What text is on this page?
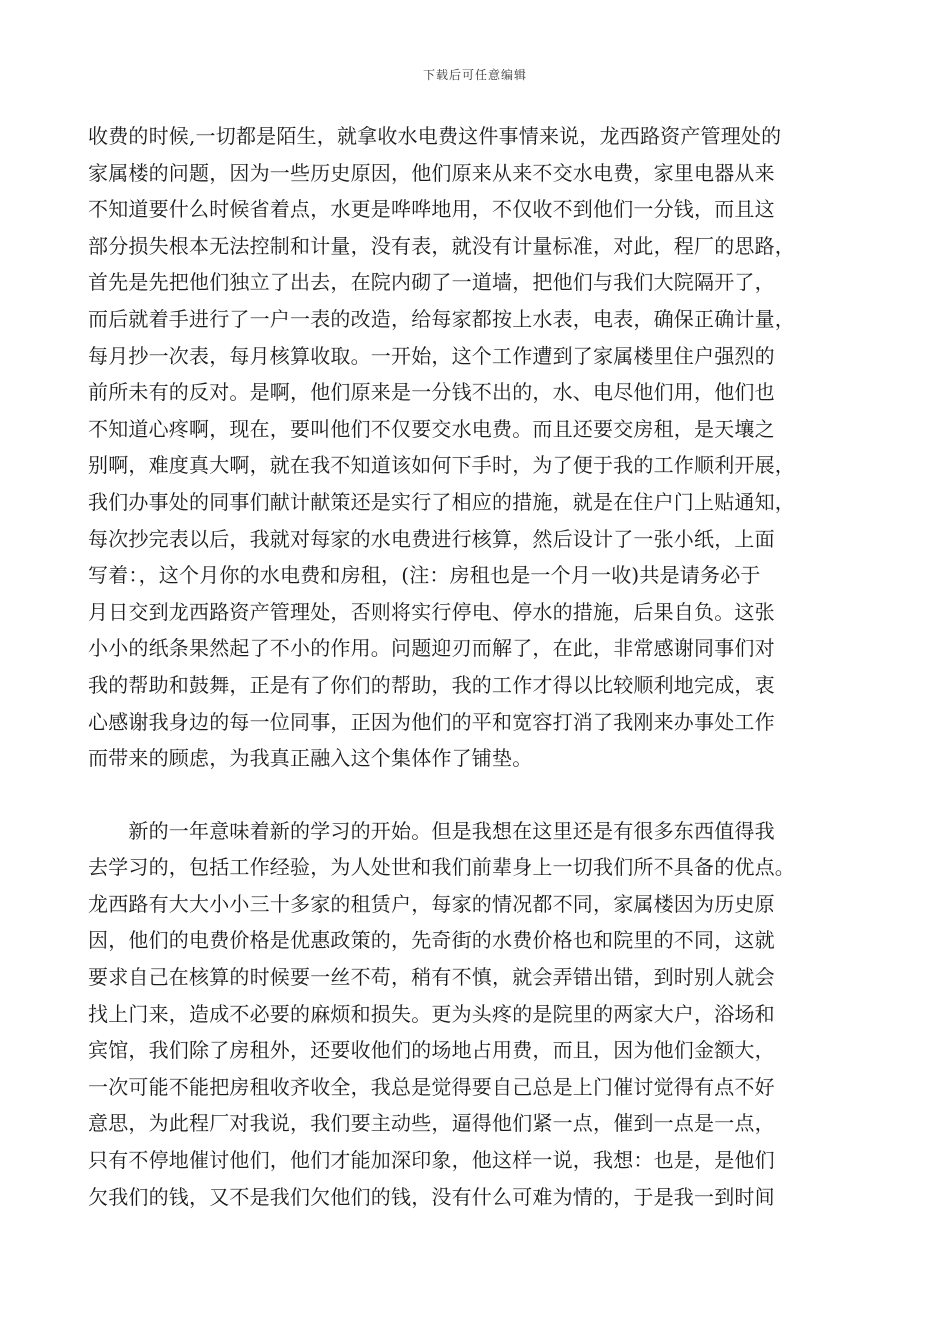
下载后可任意编辑

收费的时候,一切都是陌生，就拿收水电费这件事情来说，龙西路资产管理处的
家属楼的问题，因为一些历史原因，他们原来从来不交水电费，家里电器从来
不知道要什么时候省着点，水更是哗哗地用，不仅收不到他们一分钱，而且这
部分损失根本无法控制和计量，没有表，就没有计量标准，对此，程厂的思路，
首先是先把他们独立了出去，在院内砌了一道墙，把他们与我们大院隔开了，
而后就着手进行了一户一表的改造，给每家都按上水表，电表，确保正确计量，
每月抄一次表，每月核算收取。一开始，这个工作遭到了家属楼里住户强烈的
前所未有的反对。是啊，他们原来是一分钱不出的，水、电尽他们用，他们也
不知道心疼啊，现在，要叫他们不仅要交水电费。而且还要交房租，是天壤之
别啊，难度真大啊，就在我不知道该如何下手时，为了便于我的工作顺利开展，
我们办事处的同事们献计献策还是实行了相应的措施，就是在住户门上贴通知，
每次抄完表以后，我就对每家的水电费进行核算，然后设计了一张小纸，上面
写着：，这个月你的水电费和房租，(注：房租也是一个月一收)共是请务必于
月日交到龙西路资产管理处，否则将实行停电、停水的措施，后果自负。这张
小小的纸条果然起了不小的作用。问题迎刃而解了，在此，非常感谢同事们对
我的帮助和鼓舞，正是有了你们的帮助，我的工作才得以比较顺利地完成，衷
心感谢我身边的每一位同事，正因为他们的平和宽容打消了我刚来办事处工作
而带来的顾虑，为我真正融入这个集体作了铺垫。

　　新的一年意味着新的学习的开始。但是我想在这里还是有很多东西值得我
去学习的，包括工作经验，为人处世和我们前辈身上一切我们所不具备的优点。
龙西路有大大小小三十多家的租赁户，每家的情况都不同，家属楼因为历史原
因，他们的电费价格是优惠政策的，先奇街的水费价格也和院里的不同，这就
要求自己在核算的时候要一丝不苟，稍有不慎，就会弄错出错，到时别人就会
找上门来，造成不必要的麻烦和损失。更为头疼的是院里的两家大户，浴场和
宾馆，我们除了房租外，还要收他们的场地占用费，而且，因为他们金额大，
一次可能不能把房租收齐收全，我总是觉得要自己总是上门催讨觉得有点不好
意思，为此程厂对我说，我们要主动些，逼得他们紧一点，催到一点是一点，
只有不停地催讨他们，他们才能加深印象，他这样一说，我想：也是，是他们
欠我们的钱，又不是我们欠他们的钱，没有什么可难为情的，于是我一到时间
